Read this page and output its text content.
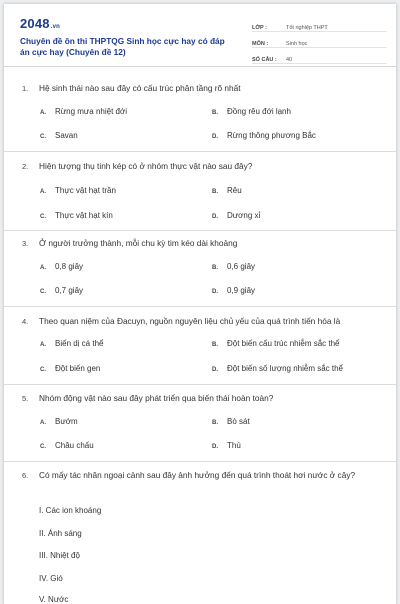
2048.vn
Chuyên đề ôn thi THPTQG Sinh học cực hay có đáp án cực hay (Chuyên đề 12)
LỚP :	Tốt nghiệp THPT
MÔN :	Sinh học
SỐ CÂU :	40
1. Hệ sinh thái nào sau đây có cấu trúc phân tầng rõ nhất
A. Rừng mưa nhiệt đới	B. Đồng rêu đới lạnh
C. Savan	D. Rừng thông phương Bắc
2. Hiện tượng thụ tinh kép có ở nhóm thực vật nào sau đây?
A. Thực vật hạt trần	B. Rêu
C. Thực vật hạt kín	D. Dương xỉ
3. Ở người trưởng thành, mỗi chu kỳ tim kéo dài khoảng
A. 0,8 giây	B. 0,6 giây
C. 0,7 giây	D. 0,9 giây
4. Theo quan niệm của Đacuyn, nguồn nguyên liệu chủ yếu của quá trình tiến hóa là
A. Biến dị cá thể	B. Đột biến cấu trúc nhiễm sắc thể
C. Đột biến gen	D. Đột biến số lượng nhiễm sắc thể
5. Nhóm động vật nào sau đây phát triển qua biến thái hoàn toàn?
A. Bướm	B. Bò sát
C. Châu chấu	D. Thú
6. Có mấy tác nhân ngoại cảnh sau đây ảnh hưởng đến quá trình thoát hơi nước ở cây?
I. Các ion khoáng
II. Ánh sáng
III. Nhiệt độ
IV. Gió
V. Nước
